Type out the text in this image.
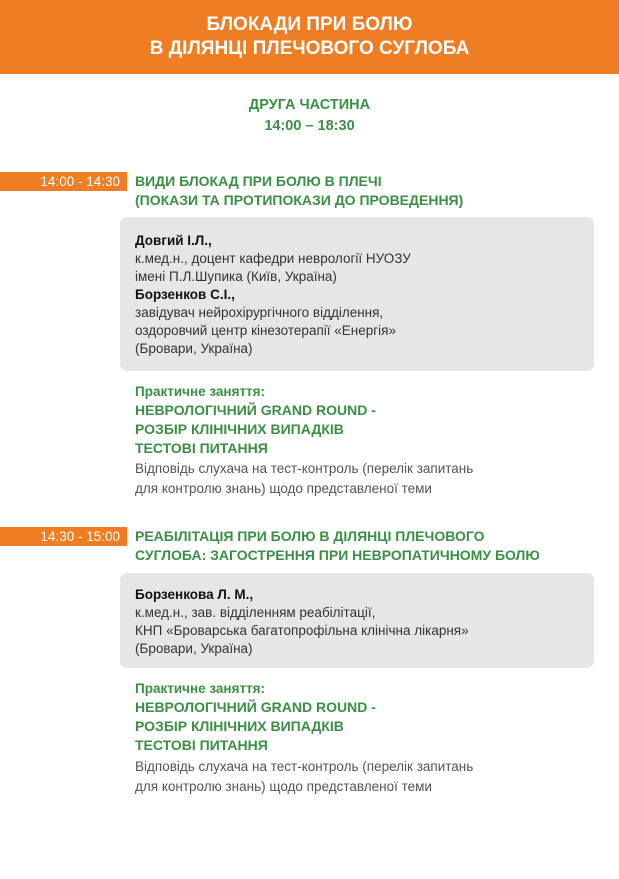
БЛОКАДИ ПРИ БОЛЮ
В ДІЛЯНЦІ ПЛЕЧОВОГО СУГЛОБА
ДРУГА ЧАСТИНА
14:00 – 18:30
14:00 - 14:30	ВИДИ БЛОКАД ПРИ БОЛЮ В ПЛЕЧІ
(ПОКАЗИ ТА ПРОТИПОКАЗИ ДО ПРОВЕДЕННЯ)
Довгий І.Л.,
к.мед.н., доцент кафедри неврології НУОЗУ
імені П.Л.Шупика (Київ, Україна)
Борзенков С.І.,
завідувач нейрохірургічного відділення,
оздоровчий центр кінезотерапії «Енергія»
(Бровари, Україна)
Практичне заняття:
НЕВРОЛОГІЧНИЙ GRAND ROUND -
РОЗБІР КЛІНІЧНИХ ВИПАДКІВ
ТЕСТОВІ ПИТАННЯ
Відповідь слухача на тест-контроль (перелік запитань
для контролю знань) щодо представленої теми
14:30 - 15:00	РЕАБІЛІТАЦІЯ ПРИ БОЛЮ В ДІЛЯНЦІ ПЛЕЧОВОГО
СУГЛОБА: ЗАГОСТРЕННЯ ПРИ НЕВРОПАТИЧНОМУ БОЛЮ
Борзенкова Л. М.,
к.мед.н., зав. відділенням реабілітації,
КНП «Броварська багатопрофільна клінічна лікарня»
(Бровари, Україна)
Практичне заняття:
НЕВРОЛОГІЧНИЙ GRAND ROUND -
РОЗБІР КЛІНІЧНИХ ВИПАДКІВ
ТЕСТОВІ ПИТАННЯ
Відповідь слухача на тест-контроль (перелік запитань
для контролю знань) щодо представленої теми
